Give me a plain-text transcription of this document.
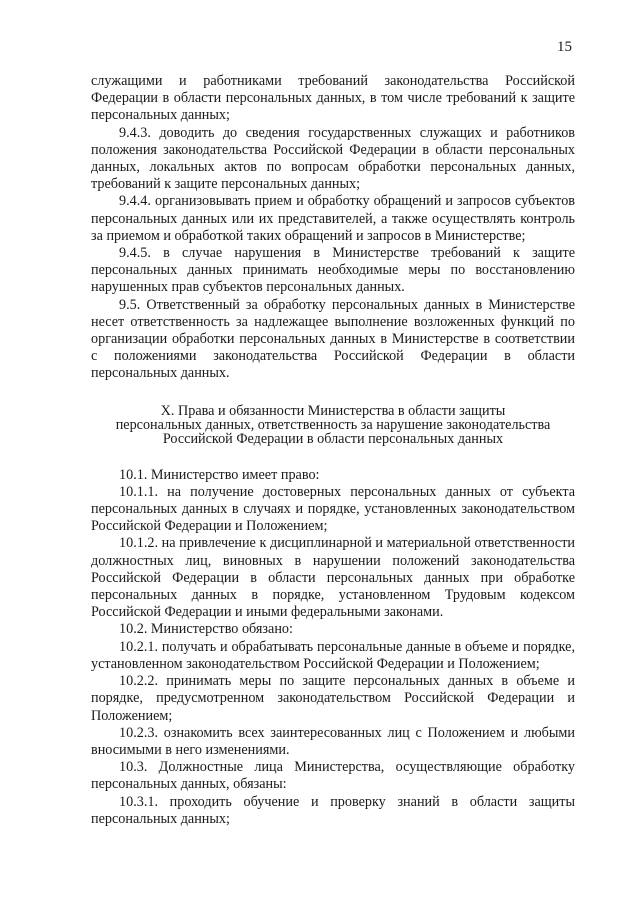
15

служащими и работниками требований законодательства Российской Федерации в области персональных данных, в том числе требований к защите персональных данных;

9.4.3. доводить до сведения государственных служащих и работников положения законодательства Российской Федерации в области персональных данных, локальных актов по вопросам обработки персональных данных, требований к защите персональных данных;

9.4.4. организовывать прием и обработку обращений и запросов субъектов персональных данных или их представителей, а также осуществлять контроль за приемом и обработкой таких обращений и запросов в Министерстве;

9.4.5. в случае нарушения в Министерстве требований к защите персональных данных принимать необходимые меры по восстановлению нарушенных прав субъектов персональных данных.

9.5. Ответственный за обработку персональных данных в Министерстве несет ответственность за надлежащее выполнение возложенных функций по организации обработки персональных данных в Министерстве в соответствии с положениями законодательства Российской Федерации в области персональных данных.

X. Права и обязанности Министерства в области защиты
персональных данных, ответственность за нарушение законодательства
Российской Федерации в области персональных данных

10.1. Министерство имеет право:

10.1.1. на получение достоверных персональных данных от субъекта персональных данных в случаях и порядке, установленных законодательством Российской Федерации и Положением;

10.1.2. на привлечение к дисциплинарной и материальной ответственности должностных лиц, виновных в нарушении положений законодательства Российской Федерации в области персональных данных при обработке персональных данных в порядке, установленном Трудовым кодексом Российской Федерации и иными федеральными законами.

10.2. Министерство обязано:

10.2.1. получать и обрабатывать персональные данные в объеме и порядке, установленном законодательством Российской Федерации и Положением;

10.2.2. принимать меры по защите персональных данных в объеме и порядке, предусмотренном законодательством Российской Федерации и Положением;

10.2.3. ознакомить всех заинтересованных лиц с Положением и любыми вносимыми в него изменениями.

10.3. Должностные лица Министерства, осуществляющие обработку персональных данных, обязаны:

10.3.1. проходить обучение и проверку знаний в области защиты персональных данных;
